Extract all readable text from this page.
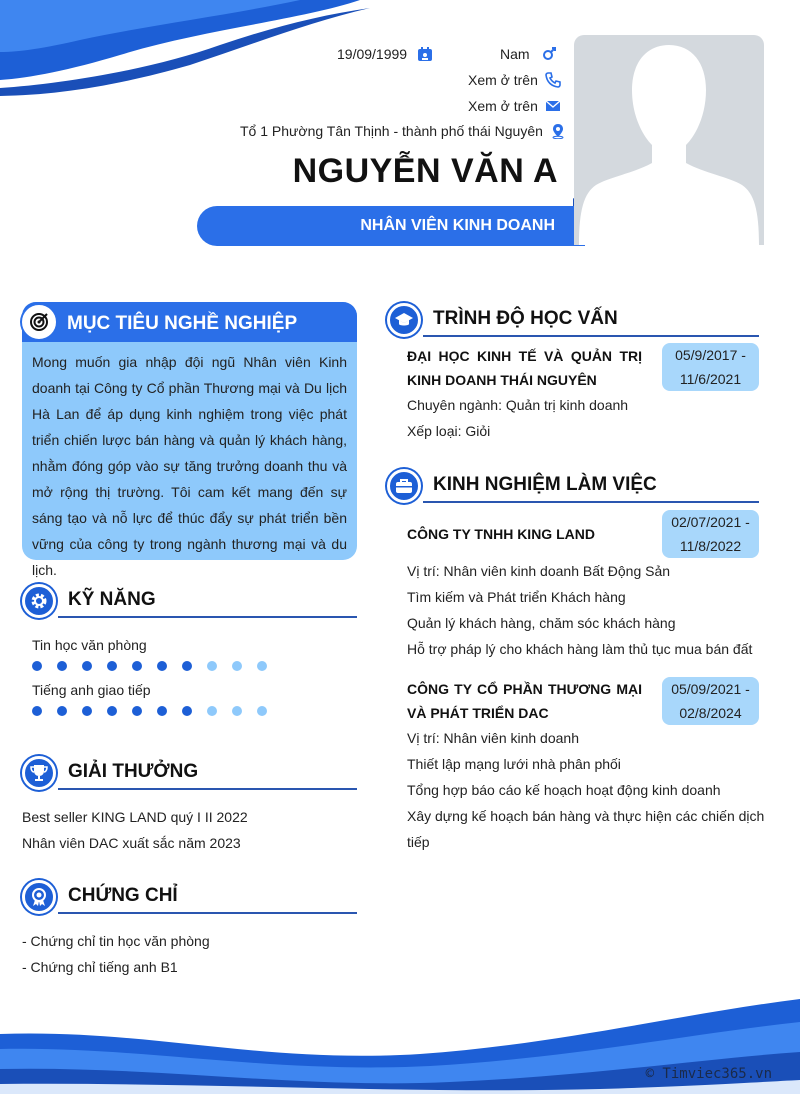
19/09/1999	Nam
Xem ở trên
Xem ở trên
Tổ 1 Phường Tân Thịnh - thành phố thái Nguyên
NGUYỄN VĂN A
NHÂN VIÊN KINH DOANH
MỤC TIÊU NGHỀ NGHIỆP
Mong muốn gia nhập đội ngũ Nhân viên Kinh doanh tại Công ty Cổ phần Thương mại và Du lịch Hà Lan để áp dụng kinh nghiệm trong việc phát triển chiến lược bán hàng và quản lý khách hàng, nhằm đóng góp vào sự tăng trưởng doanh thu và mở rộng thị trường. Tôi cam kết mang đến sự sáng tạo và nỗ lực để thúc đẩy sự phát triển bền vững của công ty trong ngành thương mại và du lịch.
KỸ NĂNG
Tin học văn phòng
Tiếng anh giao tiếp
GIẢI THƯỞNG
Best seller KING LAND quý I II 2022
Nhân viên DAC xuất sắc năm 2023
CHỨNG CHỈ
- Chứng chỉ tin học văn phòng
- Chứng chỉ tiếng anh B1
TRÌNH ĐỘ HỌC VẤN
ĐẠI HỌC KINH TẾ VÀ QUẢN TRỊ
KINH DOANH THÁI NGUYÊN
05/9/2017 -
11/6/2021
Chuyên ngành: Quản trị kinh doanh
Xếp loại: Giỏi
KINH NGHIỆM LÀM VIỆC
CÔNG TY TNHH KING LAND
02/07/2021 -
11/8/2022
Vị trí: Nhân viên kinh doanh Bất Động Sản
Tìm kiếm và Phát triển Khách hàng
Quản lý khách hàng, chăm sóc khách hàng
Hỗ trợ pháp lý cho khách hàng làm thủ tục mua bán đất
CÔNG TY CỔ PHẦN THƯƠNG MẠI
VÀ PHÁT TRIỂN DAC
05/09/2021 -
02/8/2024
Vị trí: Nhân viên kinh doanh
Thiết lập mạng lưới nhà phân phối
Tổng hợp báo cáo kế hoạch hoạt động kinh doanh
Xây dựng kế hoạch bán hàng và thực hiện các chiến dịch
tiếp
© Timviec365.vn
